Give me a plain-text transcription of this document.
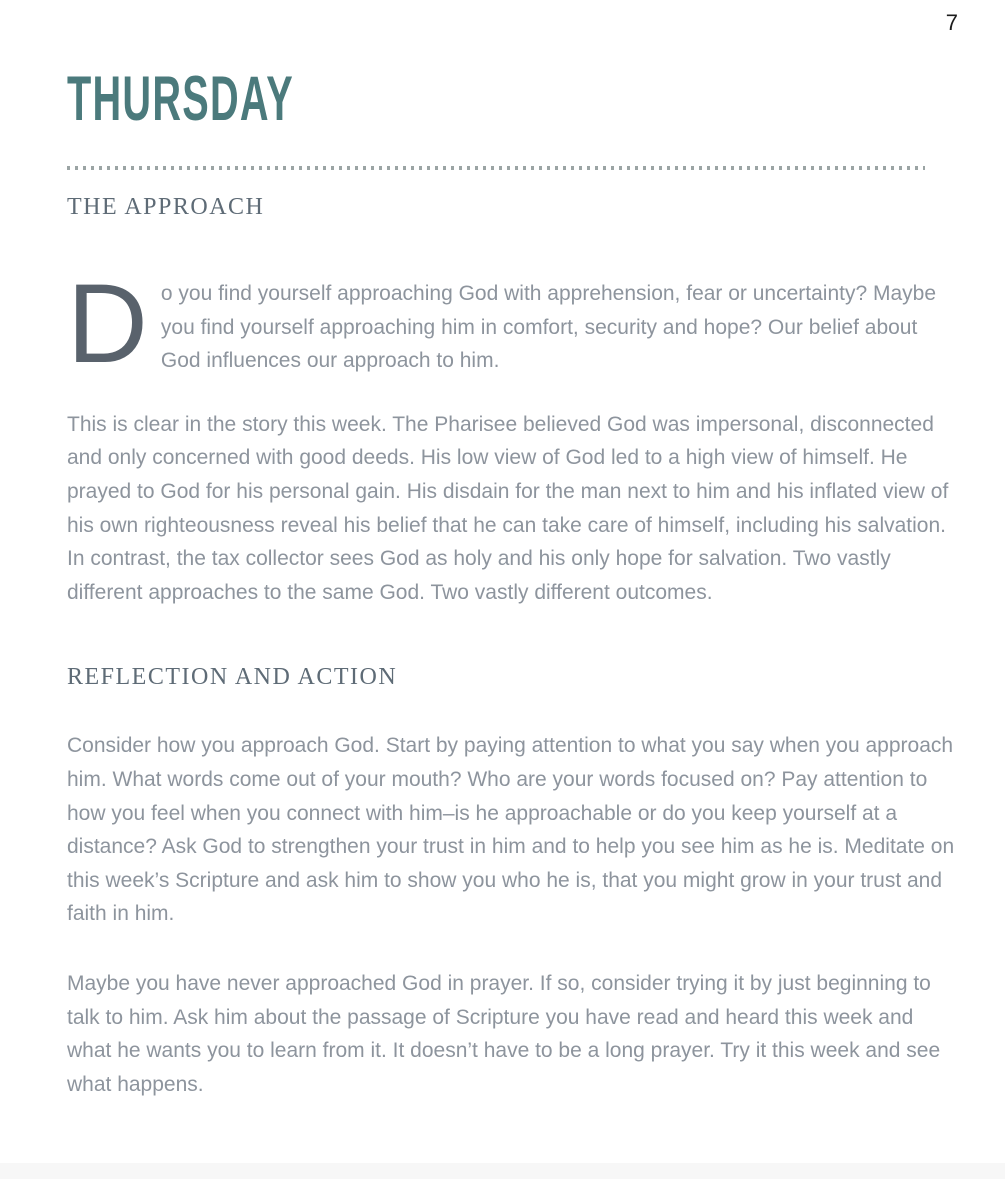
7
THURSDAY
THE APPROACH

Do you find yourself approaching God with apprehension, fear or uncertainty? Maybe you find yourself approaching him in comfort, security and hope? Our belief about God influences our approach to him.

This is clear in the story this week. The Pharisee believed God was impersonal, disconnected and only concerned with good deeds. His low view of God led to a high view of himself. He prayed to God for his personal gain. His disdain for the man next to him and his inflated view of his own righteousness reveal his belief that he can take care of himself, including his salvation. In contrast, the tax collector sees God as holy and his only hope for salvation. Two vastly different approaches to the same God. Two vastly different outcomes.

REFLECTION AND ACTION

Consider how you approach God. Start by paying attention to what you say when you approach him. What words come out of your mouth? Who are your words focused on? Pay attention to how you feel when you connect with him–is he approachable or do you keep yourself at a distance? Ask God to strengthen your trust in him and to help you see him as he is. Meditate on this week’s Scripture and ask him to show you who he is, that you might grow in your trust and faith in him.

Maybe you have never approached God in prayer. If so, consider trying it by just beginning to talk to him. Ask him about the passage of Scripture you have read and heard this week and what he wants you to learn from it. It doesn’t have to be a long prayer. Try it this week and see what happens.
